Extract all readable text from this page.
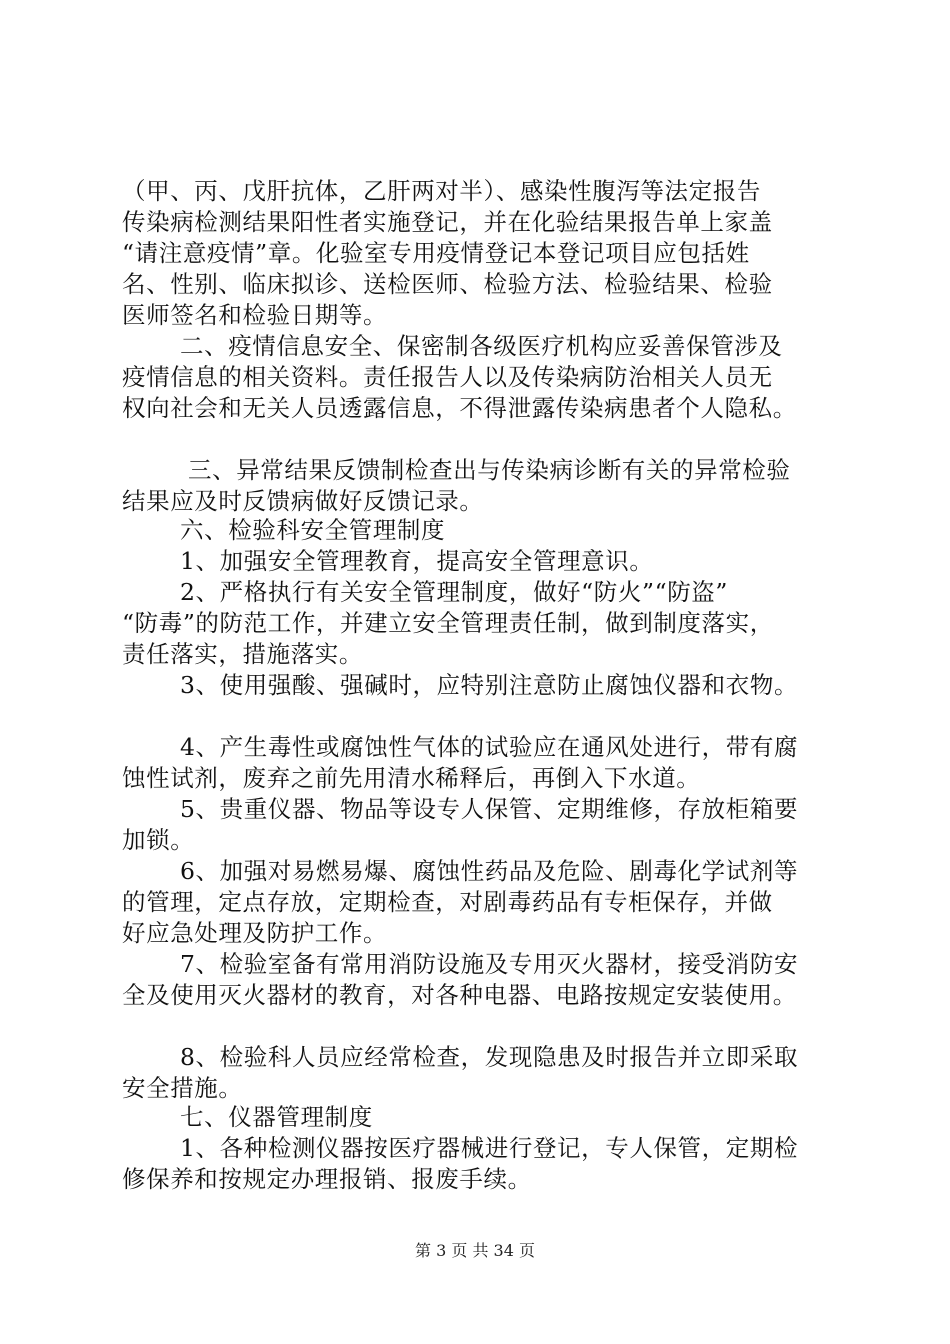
（甲、丙、戊肝抗体，乙肝两对半）、感染性腹泻等法定报告
传染病检测结果阳性者实施登记，并在化验结果报告单上家盖
“请注意疫情”章。化验室专用疫情登记本登记项目应包括姓
名、性别、临床拟诊、送检医师、检验方法、检验结果、检验
医师签名和检验日期等。
二、疫情信息安全、保密制各级医疗机构应妥善保管涉及
疫情信息的相关资料。责任报告人以及传染病防治相关人员无
权向社会和无关人员透露信息，不得泄露传染病患者个人隐私。
三、异常结果反馈制检查出与传染病诊断有关的异常检验
结果应及时反馈病做好反馈记录。
六、检验科安全管理制度
1、加强安全管理教育，提高安全管理意识。
2、严格执行有关安全管理制度，做好“防火”“防盗”
“防毒”的防范工作，并建立安全管理责任制，做到制度落实，
责任落实，措施落实。
3、使用强酸、强碱时，应特别注意防止腐蚀仪器和衣物。
4、产生毒性或腐蚀性气体的试验应在通风处进行，带有腐
蚀性试剂，废弃之前先用清水稀释后，再倒入下水道。
5、贵重仪器、物品等设专人保管、定期维修，存放柜箱要
加锁。
6、加强对易燃易爆、腐蚀性药品及危险、剧毒化学试剂等
的管理，定点存放，定期检查，对剧毒药品有专柜保存，并做
好应急处理及防护工作。
7、检验室备有常用消防设施及专用灭火器材，接受消防安
全及使用灭火器材的教育，对各种电器、电路按规定安装使用。
8、检验科人员应经常检查，发现隐患及时报告并立即采取
安全措施。
七、仪器管理制度
1、各种检测仪器按医疗器械进行登记，专人保管，定期检
修保养和按规定办理报销、报废手续。
第 3 页 共 34 页
